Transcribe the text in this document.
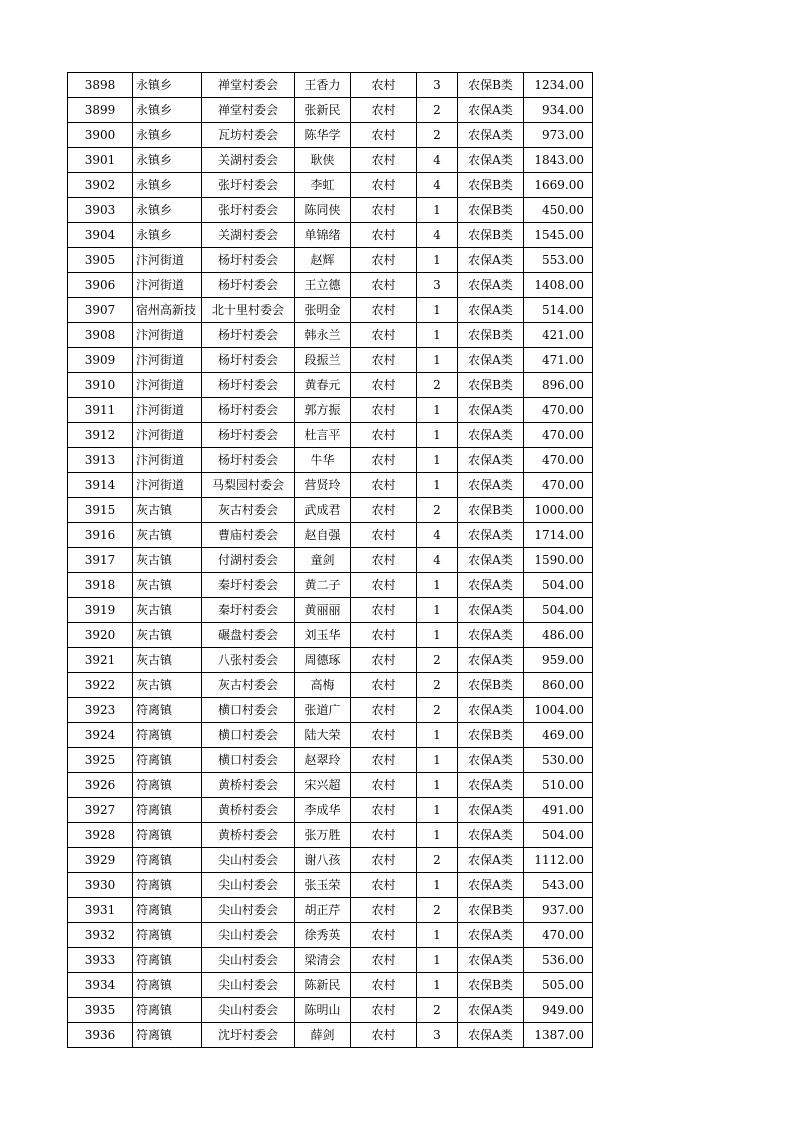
3898	永镇乡	禅堂村委会	王香力	农村	3	农保B类	1234.00
3899	永镇乡	禅堂村委会	张新民	农村	2	农保A类	934.00
3900	永镇乡	瓦坊村委会	陈华学	农村	2	农保A类	973.00
3901	永镇乡	关湖村委会	耿侠	农村	4	农保A类	1843.00
3902	永镇乡	张圩村委会	李虹	农村	4	农保B类	1669.00
3903	永镇乡	张圩村委会	陈同侠	农村	1	农保B类	450.00
3904	永镇乡	关湖村委会	单锦绪	农村	4	农保B类	1545.00
3905	汴河街道	杨圩村委会	赵辉	农村	1	农保A类	553.00
3906	汴河街道	杨圩村委会	王立德	农村	3	农保A类	1408.00
3907	宿州高新技	北十里村委会	张明金	农村	1	农保A类	514.00
3908	汴河街道	杨圩村委会	韩永兰	农村	1	农保B类	421.00
3909	汴河街道	杨圩村委会	段振兰	农村	1	农保A类	471.00
3910	汴河街道	杨圩村委会	黄春元	农村	2	农保B类	896.00
3911	汴河街道	杨圩村委会	郭方振	农村	1	农保A类	470.00
3912	汴河街道	杨圩村委会	杜言平	农村	1	农保A类	470.00
3913	汴河街道	杨圩村委会	牛华	农村	1	农保A类	470.00
3914	汴河街道	马梨园村委会	营贤玲	农村	1	农保A类	470.00
3915	灰古镇	灰古村委会	武成君	农村	2	农保B类	1000.00
3916	灰古镇	曹庙村委会	赵自强	农村	4	农保A类	1714.00
3917	灰古镇	付湖村委会	童剑	农村	4	农保A类	1590.00
3918	灰古镇	秦圩村委会	黄二子	农村	1	农保A类	504.00
3919	灰古镇	秦圩村委会	黄丽丽	农村	1	农保A类	504.00
3920	灰古镇	碾盘村委会	刘玉华	农村	1	农保A类	486.00
3921	灰古镇	八张村委会	周德琢	农村	2	农保A类	959.00
3922	灰古镇	灰古村委会	高梅	农村	2	农保B类	860.00
3923	符离镇	横口村委会	张道广	农村	2	农保A类	1004.00
3924	符离镇	横口村委会	陆大荣	农村	1	农保B类	469.00
3925	符离镇	横口村委会	赵翠玲	农村	1	农保A类	530.00
3926	符离镇	黄桥村委会	宋兴超	农村	1	农保A类	510.00
3927	符离镇	黄桥村委会	李成华	农村	1	农保A类	491.00
3928	符离镇	黄桥村委会	张万胜	农村	1	农保A类	504.00
3929	符离镇	尖山村委会	谢八孩	农村	2	农保A类	1112.00
3930	符离镇	尖山村委会	张玉荣	农村	1	农保A类	543.00
3931	符离镇	尖山村委会	胡正芹	农村	2	农保B类	937.00
3932	符离镇	尖山村委会	徐秀英	农村	1	农保A类	470.00
3933	符离镇	尖山村委会	梁清会	农村	1	农保A类	536.00
3934	符离镇	尖山村委会	陈新民	农村	1	农保B类	505.00
3935	符离镇	尖山村委会	陈明山	农村	2	农保A类	949.00
3936	符离镇	沈圩村委会	薛剑	农村	3	农保A类	1387.00
